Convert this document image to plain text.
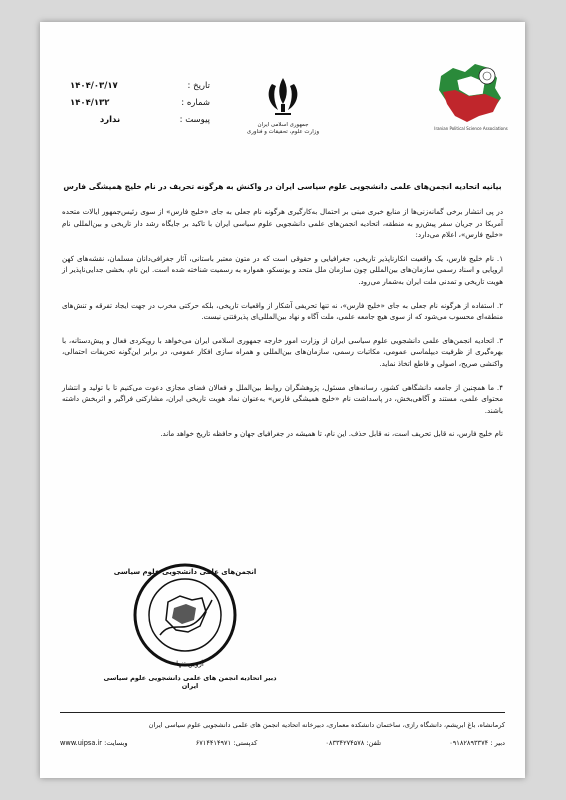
Iranian Political Science Associations
جمهوری اسلامی ایران
وزارت علوم، تحقیقات و فناوری
تاریخ :
۱۴۰۴/۰۳/۱۷
شماره :
۱۴۰۴/۱۳۲
پیوست :
ندارد
بیانیه اتحادیه انجمن‌های علمی دانشجویی علوم سیاسی ایران در واکنش به هرگونه تحریف در نام خلیج همیشگی فارس

در پی انتشار برخی گمانه‌زنی‌ها از منابع خبری مبنی بر احتمال به‌کارگیری هرگونه نام جعلی به جای «خلیج فارس» از سوی رئیس‌جمهور ایالات متحده آمریکا در جریان سفر پیش‌رو به منطقه، اتحادیه انجمن‌های علمی دانشجویی علوم سیاسی ایران با تاکید بر جایگاه رشد دار تاریخی و بین‌المللی نام «خلیج فارس»، اعلام می‌دارد:

۱. نام خلیج فارس، یک واقعیت انکارناپذیر تاریخی، جغرافیایی و حقوقی است که در متون معتبر باستانی، آثار جغرافی‌دانان مسلمان، نقشه‌های کهن اروپایی و اسناد رسمی سازمان‌های بین‌المللی چون سازمان ملل متحد و یونسکو، همواره به رسمیت شناخته شده است. این نام، بخشی جدایی‌ناپذیر از هویت تاریخی و تمدنی ملت ایران به‌شمار می‌رود.

۲. استفاده از هرگونه نام جعلی به جای «خلیج فارس»، نه تنها تحریفی آشکار از واقعیات تاریخی، بلکه حرکتی مخرب در جهت ایجاد تفرقه و تنش‌های منطقه‌ای محسوب می‌شود که از سوی هیچ جامعه علمی، ملت آگاه و نهاد بین‌المللی‌ای پذیرفتنی نیست.

۳. اتحادیه انجمن‌های علمی دانشجویی علوم سیاسی ایران از وزارت امور خارجه جمهوری اسلامی ایران می‌خواهد با رویکردی فعال و پیش‌دستانه، با بهره‌گیری از ظرفیت دیپلماسی عمومی، مکاتبات رسمی، سازمان‌های بین‌المللی و همراه سازی افکار عمومی، در برابر این‌گونه تحریفات احتمالی، واکنشی صریح، اصولی و قاطع اتخاذ نماید.

۴. ما همچنین از جامعه دانشگاهی کشور، رسانه‌های مسئول، پژوهشگران روابط بین‌الملل و فعالان فضای مجازی دعوت می‌کنیم تا با تولید و انتشار محتوای علمی، مستند و آگاهی‌بخش، در پاسداشت نام «خلیج همیشگی فارس» به‌عنوان نماد هویت تاریخی ایران، مشارکتی فراگیر و اثربخش داشته باشند.

نام خلیج فارس، نه قابل تحریف است، نه قابل حذف. این نام، تا همیشه در جغرافیای جهان و حافظه تاریخ خواهد ماند.

انجمن‌های علمی دانشجویی علوم سیاسی
آروین تنها
دبیر اتحادیه انجمن های علمی دانشجویی علوم سیاسی ایران
کرمانشاه، باغ ابریشم، دانشگاه رازی، ساختمان دانشکده معماری، دبیرخانه اتحادیه انجمن های علمی دانشجویی علوم سیاسی ایران
دبیر : ۰۹۱۸۲۸۹۳۳۷۴
تلفن: ۰۸۳۳۴۲۷۴۵۷۸
کدپستی: ۶۷۱۴۴۱۴۹۷۱
وبسایت: www.uipsa.ir
